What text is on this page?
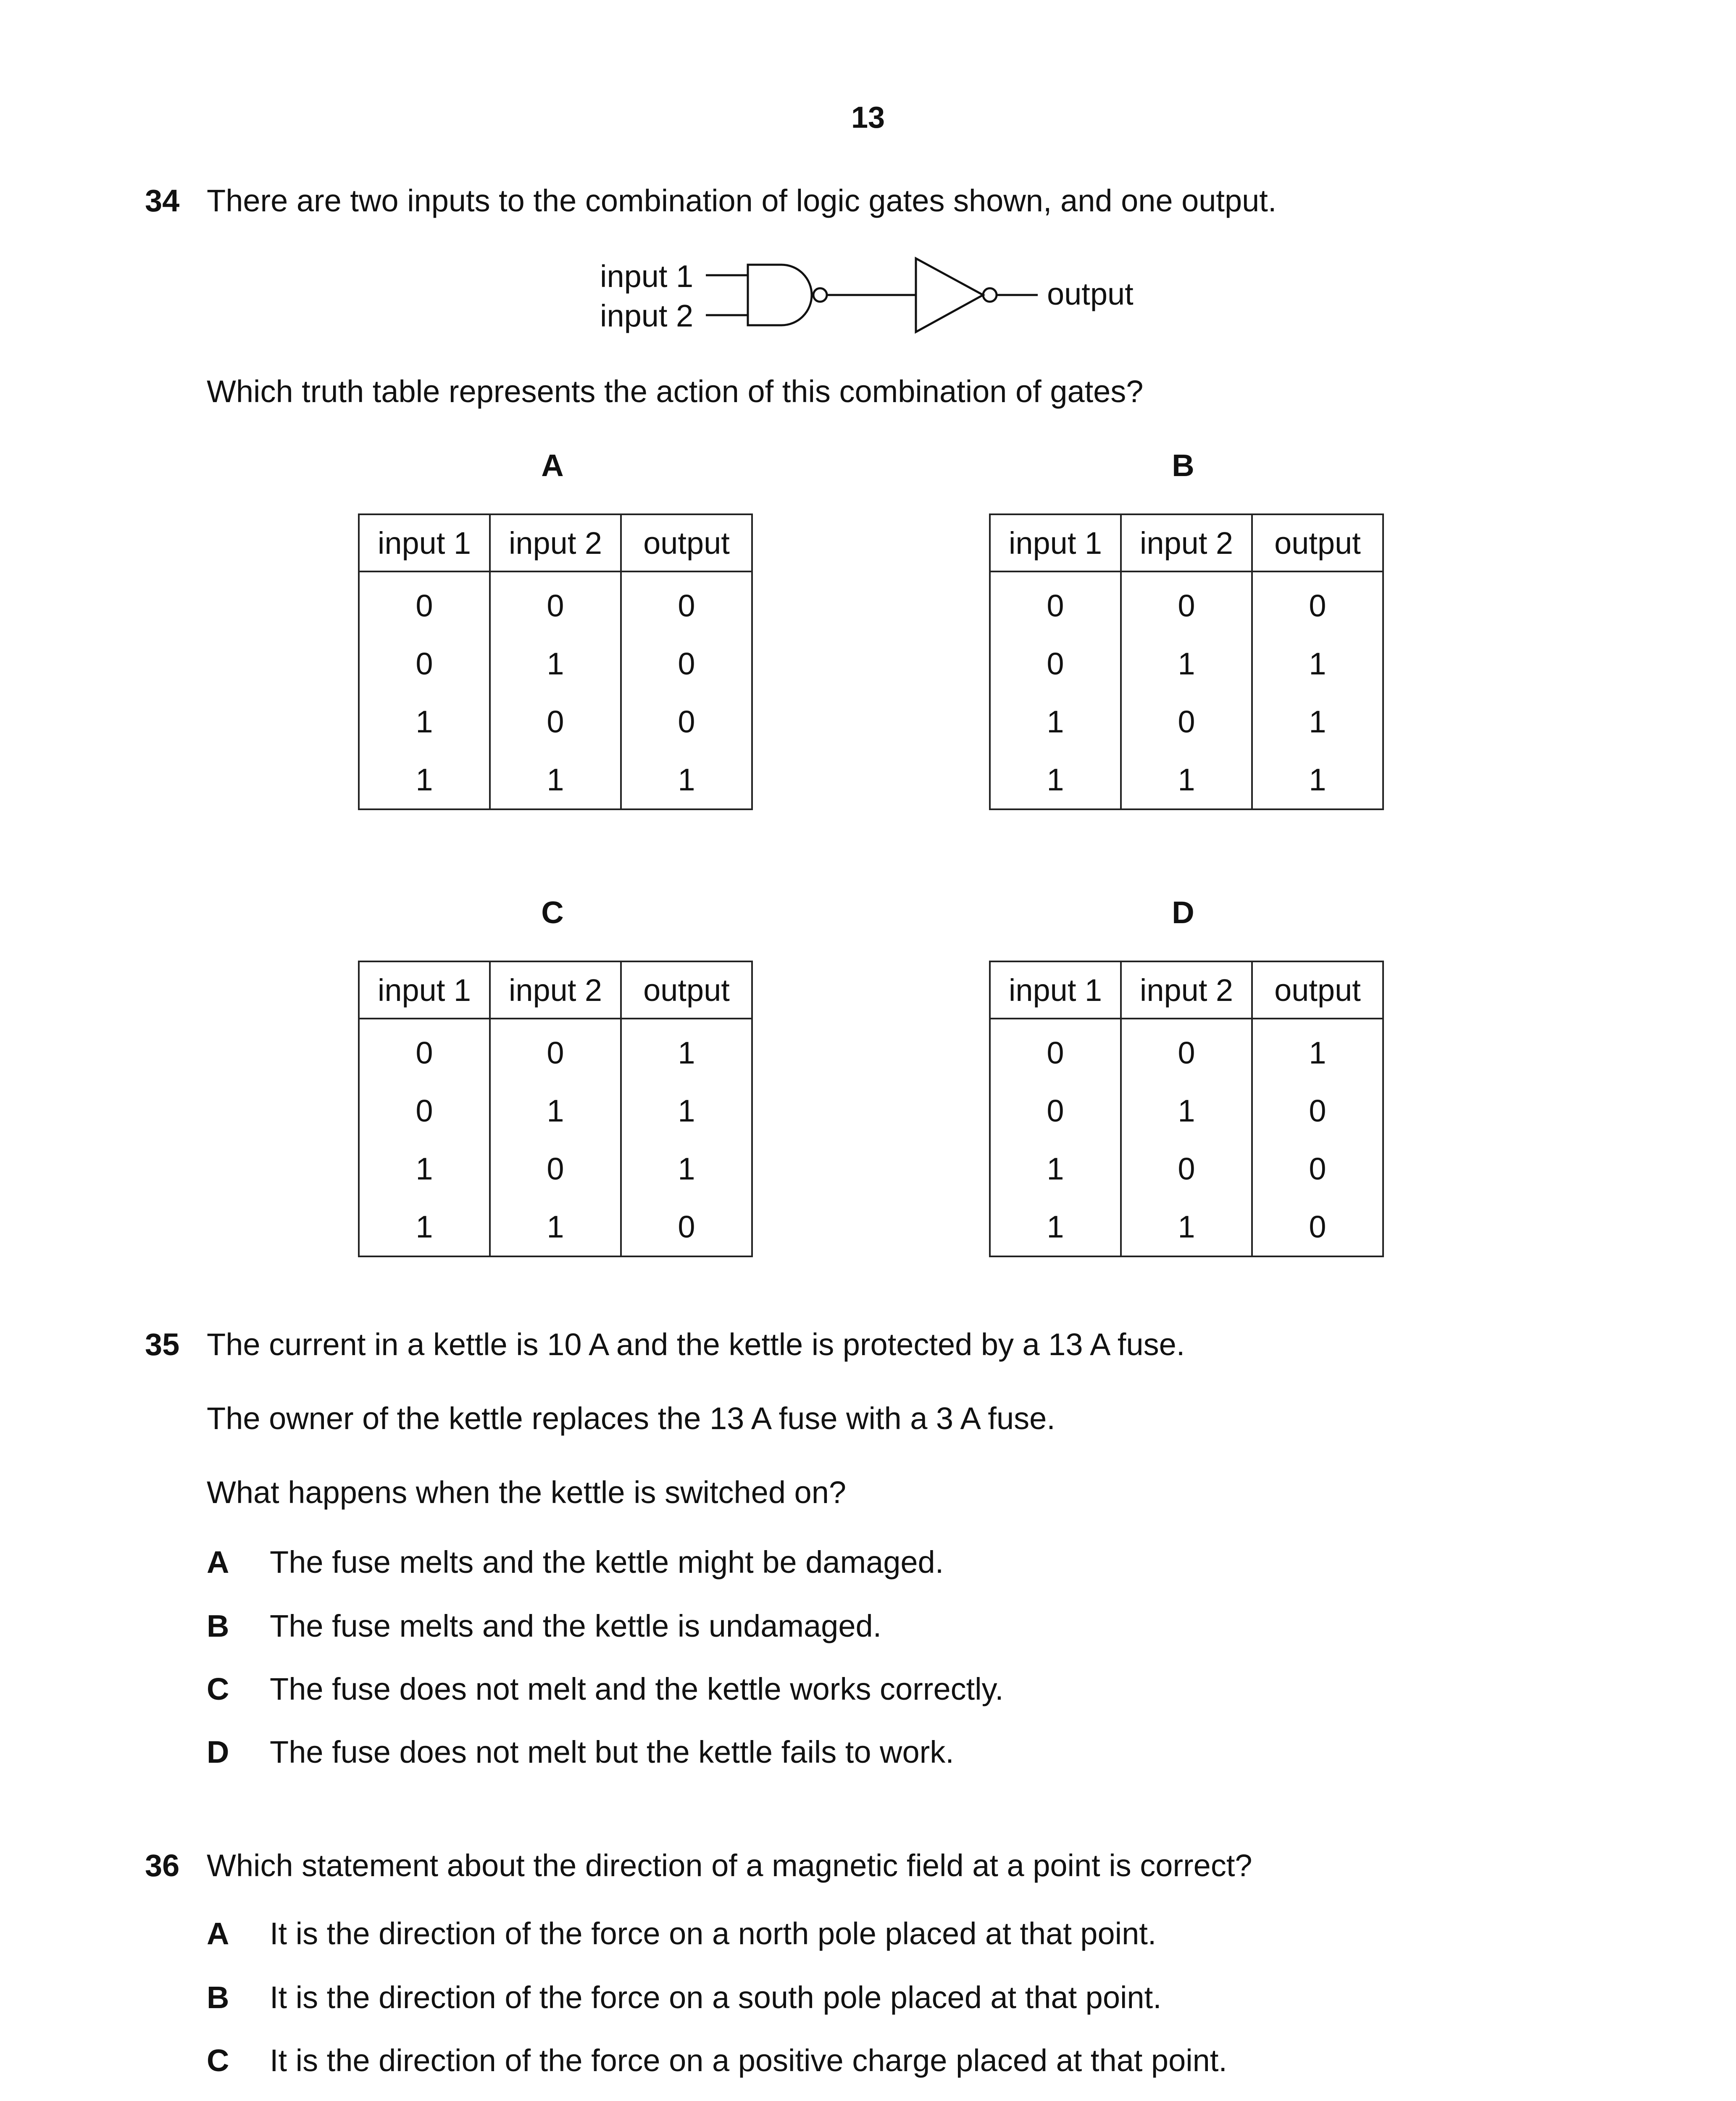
13
34 There are two inputs to the combination of logic gates shown, and one output.
input 1
input 2
output
Which truth table represents the action of this combination of gates?
A	B
C	D
input 1	input 2	output
0	0	0
0	1	0
1	0	0
1	1	1
input 1	input 2	output
0	0	0
0	1	1
1	0	1
1	1	1
input 1	input 2	output
0	0	1
0	1	1
1	0	1
1	1	0
input 1	input 2	output
0	0	1
0	1	0
1	0	0
1	1	0
35 The current in a kettle is 10 A and the kettle is protected by a 13 A fuse.
The owner of the kettle replaces the 13 A fuse with a 3 A fuse.
What happens when the kettle is switched on?
A The fuse melts and the kettle might be damaged.
B The fuse melts and the kettle is undamaged.
C The fuse does not melt and the kettle works correctly.
D The fuse does not melt but the kettle fails to work.
36 Which statement about the direction of a magnetic field at a point is correct?
A It is the direction of the force on a north pole placed at that point.
B It is the direction of the force on a south pole placed at that point.
C It is the direction of the force on a positive charge placed at that point.
